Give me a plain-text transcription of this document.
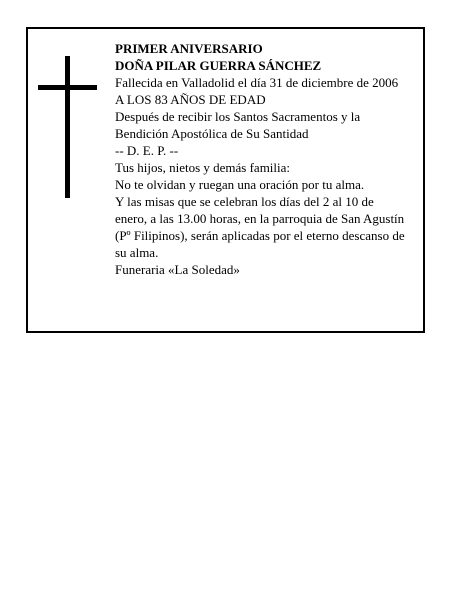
PRIMER ANIVERSARIO
DOÑA PILAR GUERRA SÁNCHEZ
Fallecida en Valladolid el día 31 de diciembre de 2006
A LOS 83 AÑOS DE EDAD
Después de recibir los Santos Sacramentos y la
Bendición Apostólica de Su Santidad
-- D. E. P. --
Tus hijos, nietos y demás familia:
No te olvidan y ruegan una oración por tu alma.
Y las misas que se celebran los días del 2 al 10 de
enero, a las 13.00 horas, en la parroquia de San Agustín
(Pº Filipinos), serán aplicadas por el eterno descanso de
su alma.
Funeraria «La Soledad»
